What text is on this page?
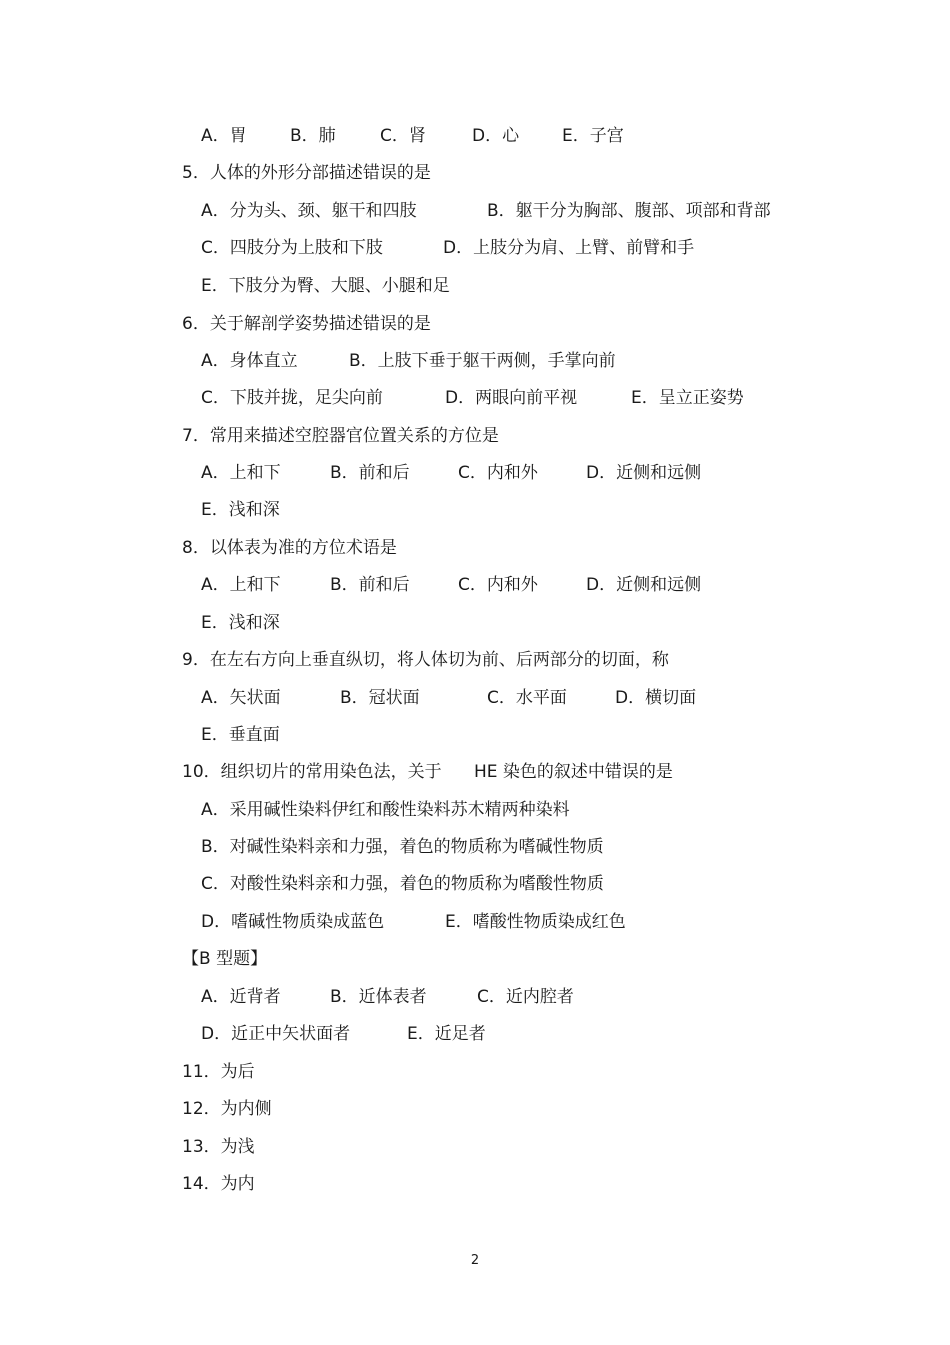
A．胃	B．肺	C．肾	D．心	E．子宫
5．人体的外形分部描述错误的是
A．分为头、颈、躯干和四肢	B．躯干分为胸部、腹部、项部和背部
C．四肢分为上肢和下肢	D．上肢分为肩、上臂、前臂和手
E．下肢分为臀、大腿、小腿和足
6．关于解剖学姿势描述错误的是
A．身体直立	B．上肢下垂于躯干两侧，手掌向前
C．下肢并拢，足尖向前	D．两眼向前平视	E．呈立正姿势
7．常用来描述空腔器官位置关系的方位是
A．上和下	B．前和后	C．内和外	D．近侧和远侧
E．浅和深
8．以体表为准的方位术语是
A．上和下	B．前和后	C．内和外	D．近侧和远侧
E．浅和深
9．在左右方向上垂直纵切，将人体切为前、后两部分的切面，称
A．矢状面	B．冠状面	C．水平面	D．横切面
E．垂直面
10．组织切片的常用染色法，关于 HE 染色的叙述中错误的是
A．采用碱性染料伊红和酸性染料苏木精两种染料
B．对碱性染料亲和力强，着色的物质称为嗜碱性物质
C．对酸性染料亲和力强，着色的物质称为嗜酸性物质
D．嗜碱性物质染成蓝色	E．嗜酸性物质染成红色
【B 型题】
A．近背者	B．近体表者	C．近内腔者
D．近正中矢状面者	E．近足者
11．为后
12．为内侧
13．为浅
14．为内
2
